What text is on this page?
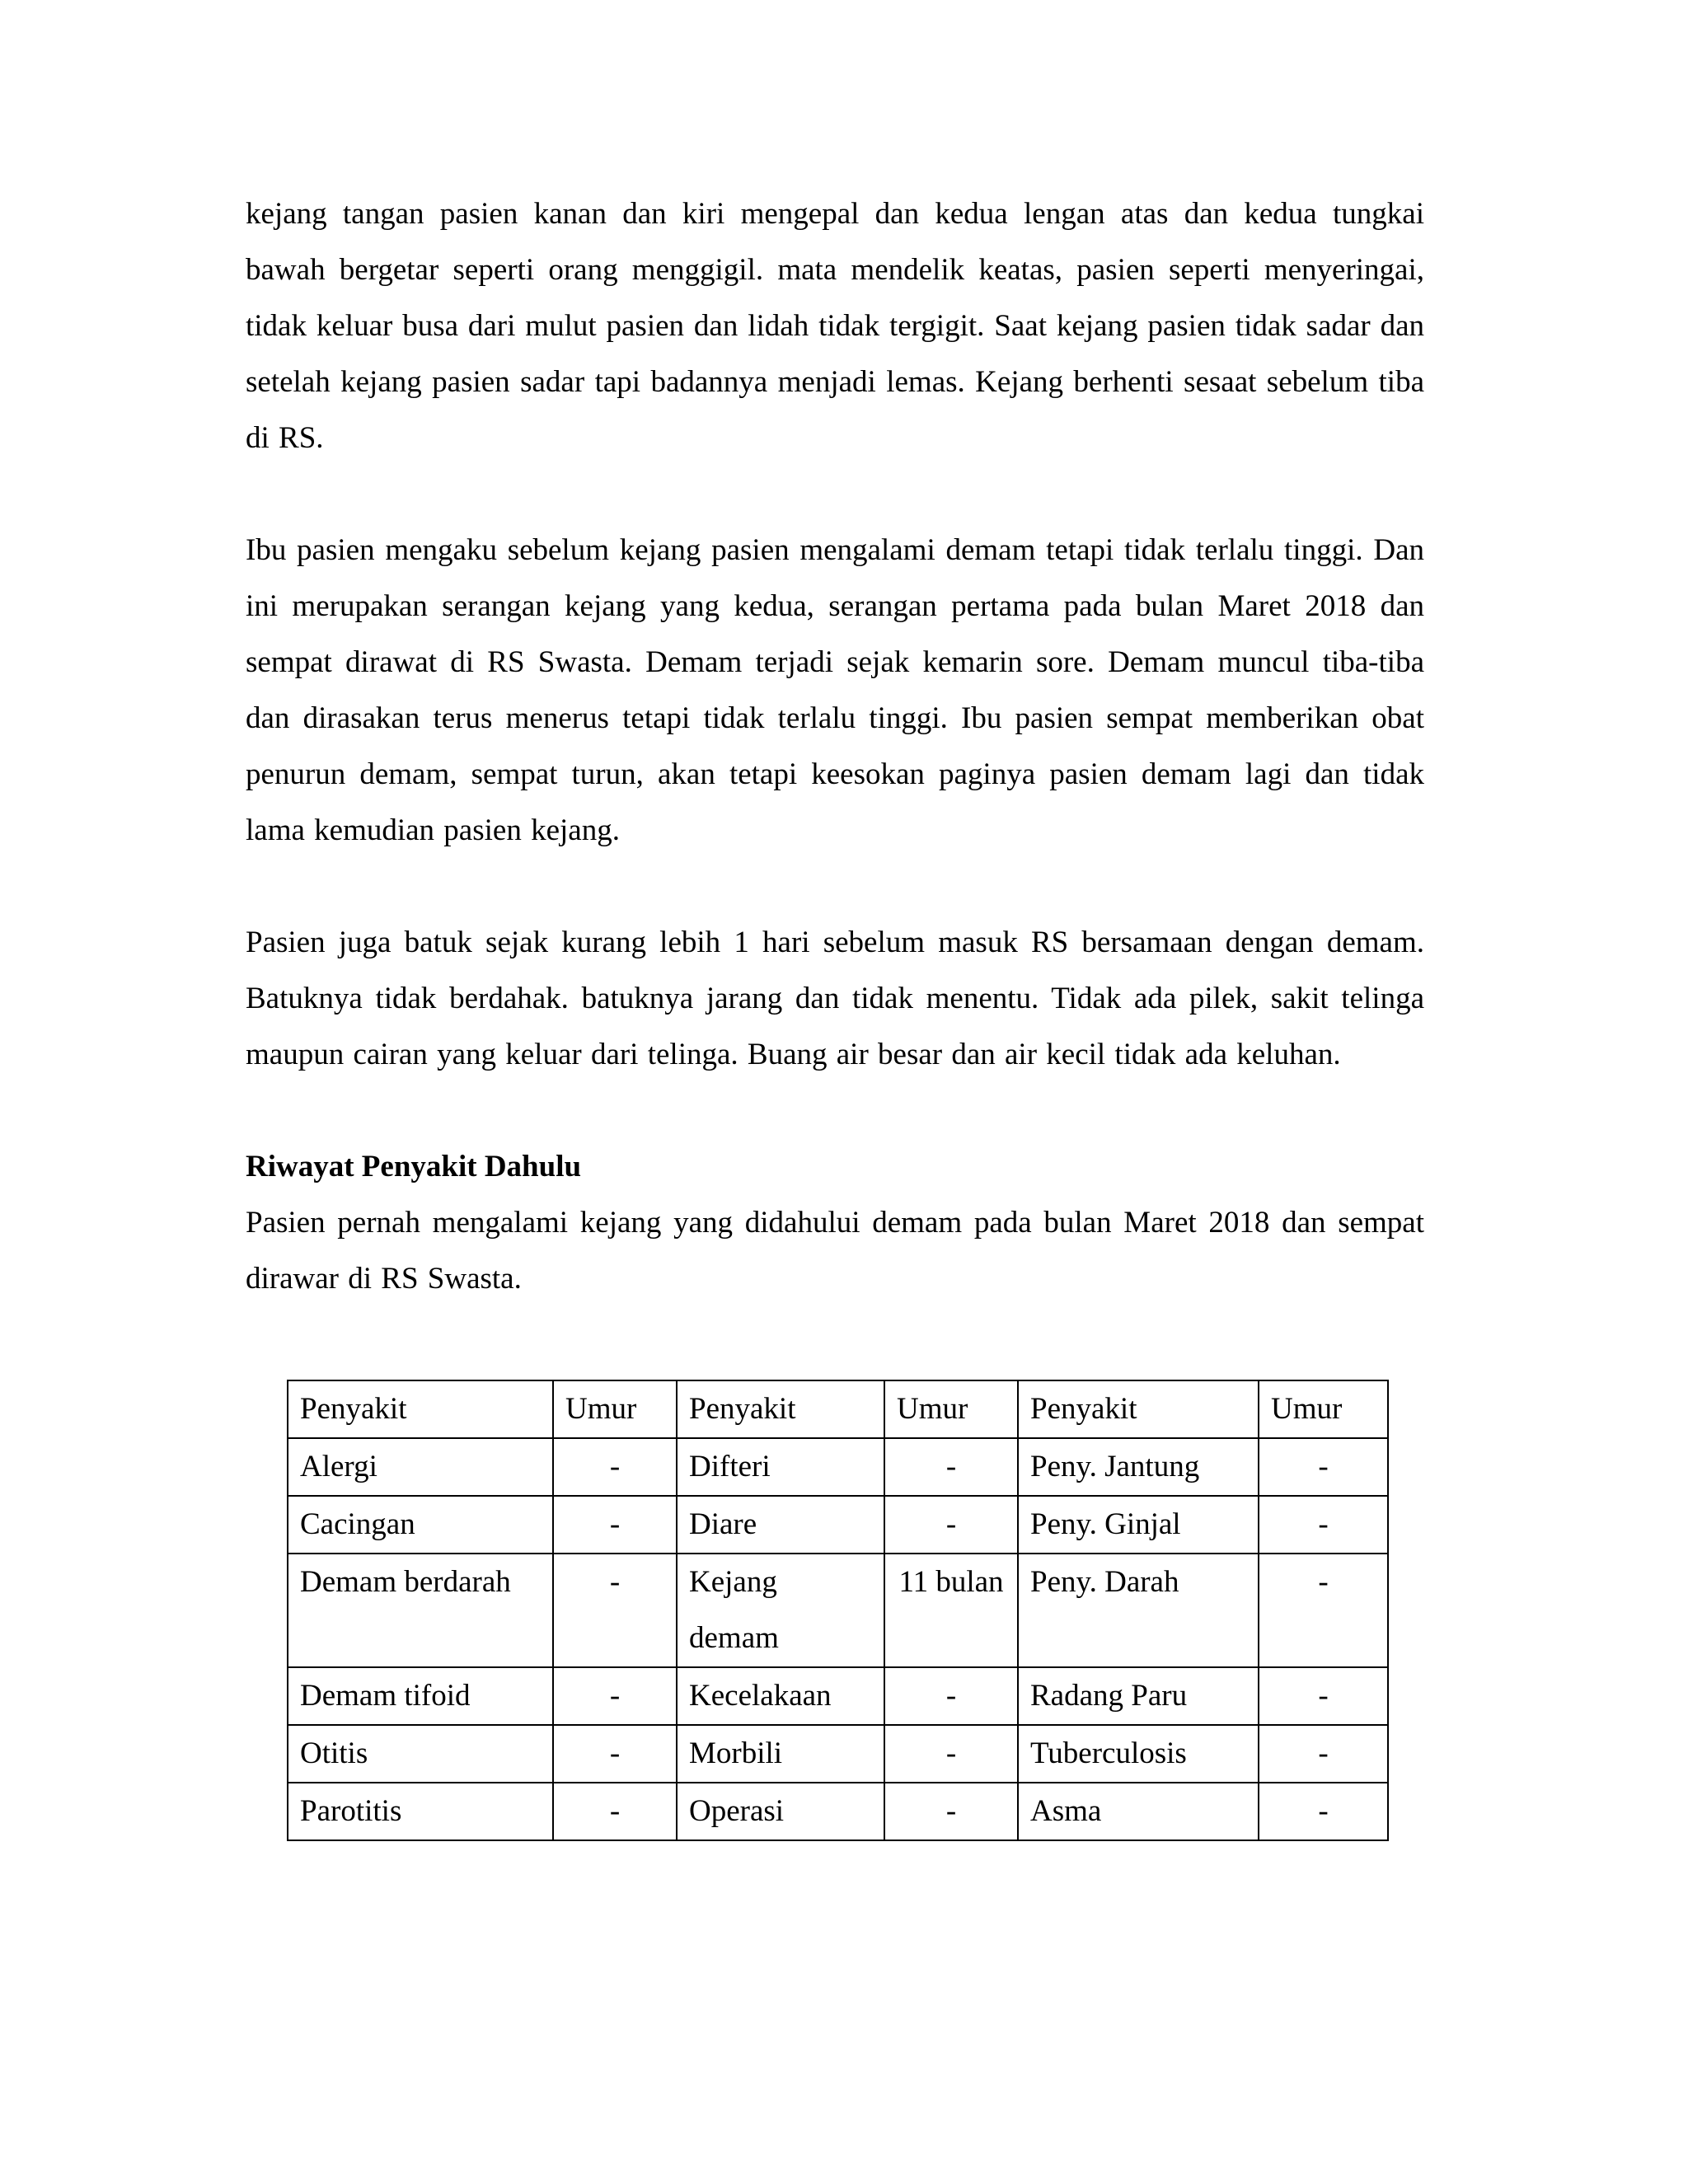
kejang tangan pasien kanan dan kiri mengepal dan kedua lengan atas dan kedua tungkai bawah bergetar seperti orang menggigil. mata mendelik keatas, pasien seperti menyeringai, tidak keluar busa dari mulut pasien dan lidah tidak tergigit. Saat kejang pasien tidak sadar dan setelah kejang pasien sadar tapi badannya menjadi lemas. Kejang berhenti sesaat sebelum tiba di RS.

Ibu pasien mengaku sebelum kejang pasien mengalami demam tetapi tidak terlalu tinggi. Dan ini merupakan serangan kejang yang kedua, serangan pertama pada bulan Maret 2018 dan sempat dirawat di RS Swasta. Demam terjadi sejak kemarin sore. Demam muncul tiba-tiba dan dirasakan terus menerus tetapi tidak terlalu tinggi. Ibu pasien sempat memberikan obat penurun demam, sempat turun, akan tetapi keesokan paginya pasien demam lagi dan tidak lama kemudian pasien kejang.

Pasien juga batuk sejak kurang lebih 1 hari sebelum masuk RS bersamaan dengan demam. Batuknya tidak berdahak. batuknya jarang dan tidak menentu. Tidak ada pilek, sakit telinga maupun cairan yang keluar dari telinga. Buang air besar dan air kecil tidak ada keluhan.

Riwayat Penyakit Dahulu

Pasien pernah mengalami kejang yang didahului demam pada bulan Maret 2018 dan sempat dirawar di RS Swasta.

Penyakit	Umur	Penyakit	Umur	Penyakit	Umur
Alergi	-	Difteri	-	Peny. Jantung	-
Cacingan	-	Diare	-	Peny. Ginjal	-
Demam berdarah	-	Kejang demam	11 bulan	Peny. Darah	-
Demam tifoid	-	Kecelakaan	-	Radang Paru	-
Otitis	-	Morbili	-	Tuberculosis	-
Parotitis	-	Operasi	-	Asma	-
